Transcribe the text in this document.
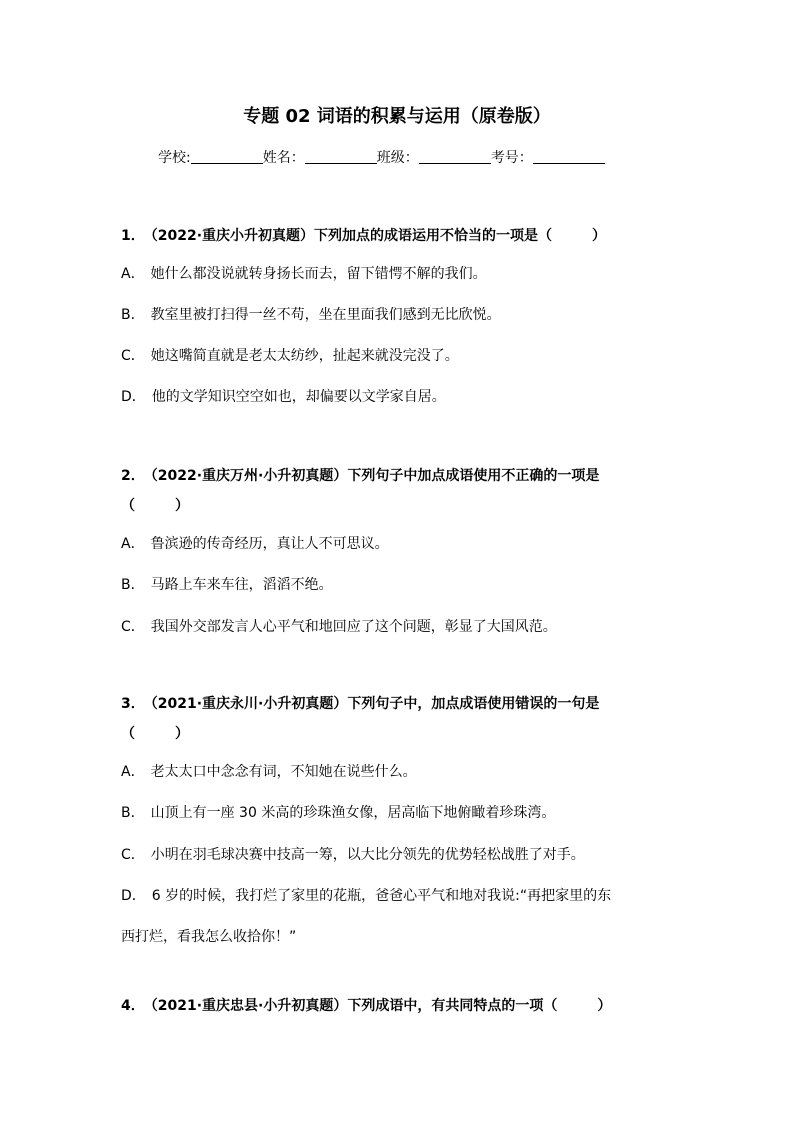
专题 02 词语的积累与运用（原卷版）
学校:	姓名：	班级：	考号：
1． （2022·重庆小升初真题）下列加点的成语运用不恰当的一项是（	）
A． 她什么都没说就转身扬长而去，留下错愕不解的我们。
B． 教室里被打扫得一丝不苟，坐在里面我们感到无比欣悦。
C． 她这嘴简直就是老太太纺纱，扯起来就没完没了。
D． 他的文学知识空空如也，却偏要以文学家自居。
2． （2022·重庆万州·小升初真题）下列句子中加点成语使用不正确的一项是
（	）
A． 鲁滨逊的传奇经历，真让人不可思议。
B． 马路上车来车往，滔滔不绝。
C． 我国外交部发言人心平气和地回应了这个问题，彰显了大国风范。
3． （2021·重庆永川·小升初真题）下列句子中，加点成语使用错误的一句是
（	）
A． 老太太口中念念有词，不知她在说些什么。
B． 山顶上有一座 30 米高的珍珠渔女像，居高临下地俯瞰着珍珠湾。
C． 小明在羽毛球决赛中技高一筹，以大比分领先的优势轻松战胜了对手。
D． 6 岁的时候，我打烂了家里的花瓶，爸爸心平气和地对我说:“再把家里的东
西打烂，看我怎么收拾你！”
4． （2021·重庆忠县·小升初真题）下列成语中，有共同特点的一项（	）
